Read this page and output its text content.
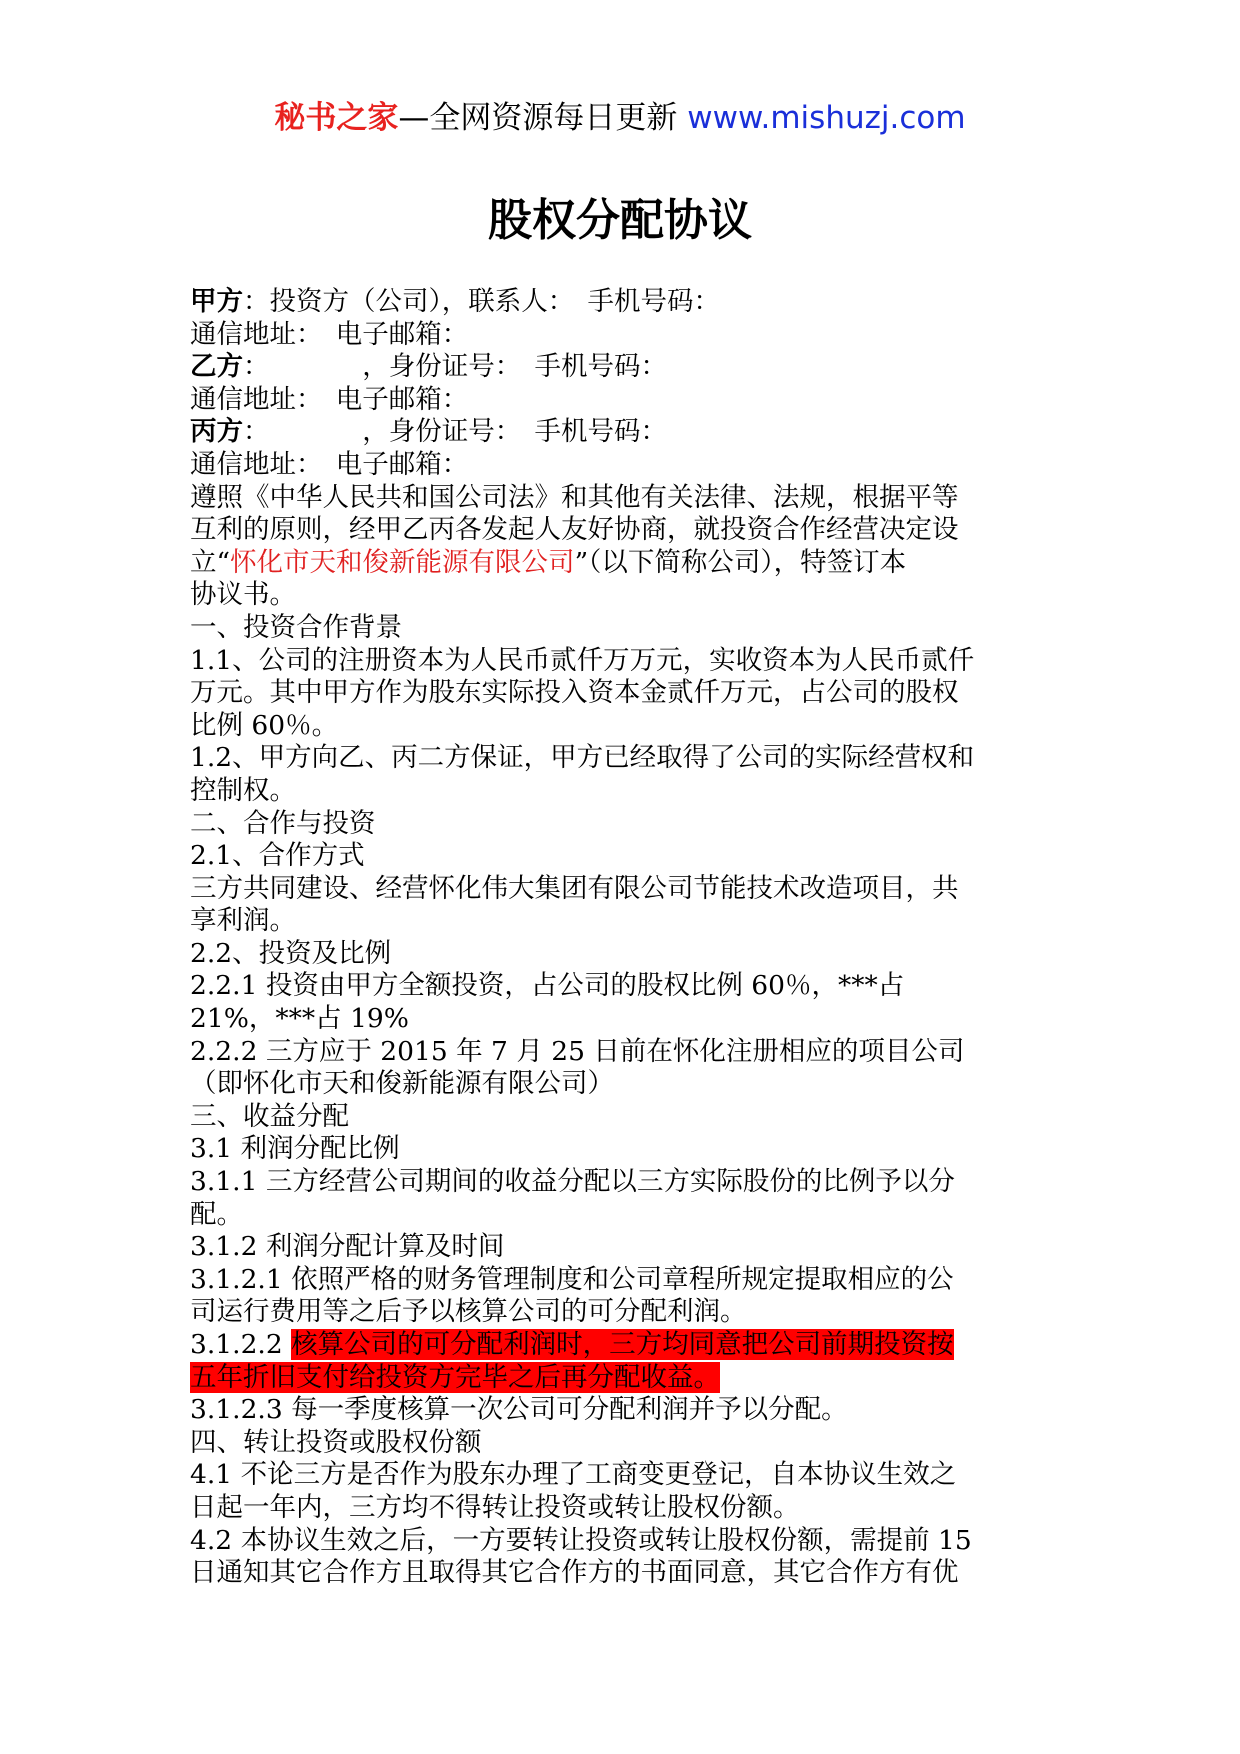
秘书之家—全网资源每日更新 www.mishuzj.com
股权分配协议

甲方：投资方（公司），联系人：　手机号码：

通信地址：　电子邮箱：

乙方：　　　　，身份证号：　手机号码：

通信地址：　电子邮箱：

丙方：　　　　，身份证号：　手机号码：

通信地址：　电子邮箱：

遵照《中华人民共和国公司法》和其他有关法律、法规，根据平等

互利的原则，经甲乙丙各发起人友好协商，就投资合作经营决定设

立“怀化市天和俊新能源有限公司”（以下简称公司），特签订本

协议书。

一、投资合作背景

1.1、公司的注册资本为人民币贰仟万万元，实收资本为人民币贰仟

万元。其中甲方作为股东实际投入资本金贰仟万元，占公司的股权

比例 60％。

1.2、甲方向乙、丙二方保证，甲方已经取得了公司的实际经营权和

控制权。

二、合作与投资

2.1、合作方式

三方共同建设、经营怀化伟大集团有限公司节能技术改造项目，共

享利润。

2.2、投资及比例

2.2.1 投资由甲方全额投资，占公司的股权比例 60％，***占

21%，***占 19%

2.2.2 三方应于 2015 年 7 月 25 日前在怀化注册相应的项目公司

（即怀化市天和俊新能源有限公司）

三、收益分配

3.1 利润分配比例

3.1.1 三方经营公司期间的收益分配以三方实际股份的比例予以分

配。

3.1.2 利润分配计算及时间

3.1.2.1 依照严格的财务管理制度和公司章程所规定提取相应的公

司运行费用等之后予以核算公司的可分配利润。

3.1.2.2 核算公司的可分配利润时，三方均同意把公司前期投资按

五年折旧支付给投资方完毕之后再分配收益。

3.1.2.3 每一季度核算一次公司可分配利润并予以分配。

四、转让投资或股权份额

4.1 不论三方是否作为股东办理了工商变更登记，自本协议生效之

日起一年内，三方均不得转让投资或转让股权份额。

4.2 本协议生效之后，一方要转让投资或转让股权份额，需提前 15

日通知其它合作方且取得其它合作方的书面同意，其它合作方有优
